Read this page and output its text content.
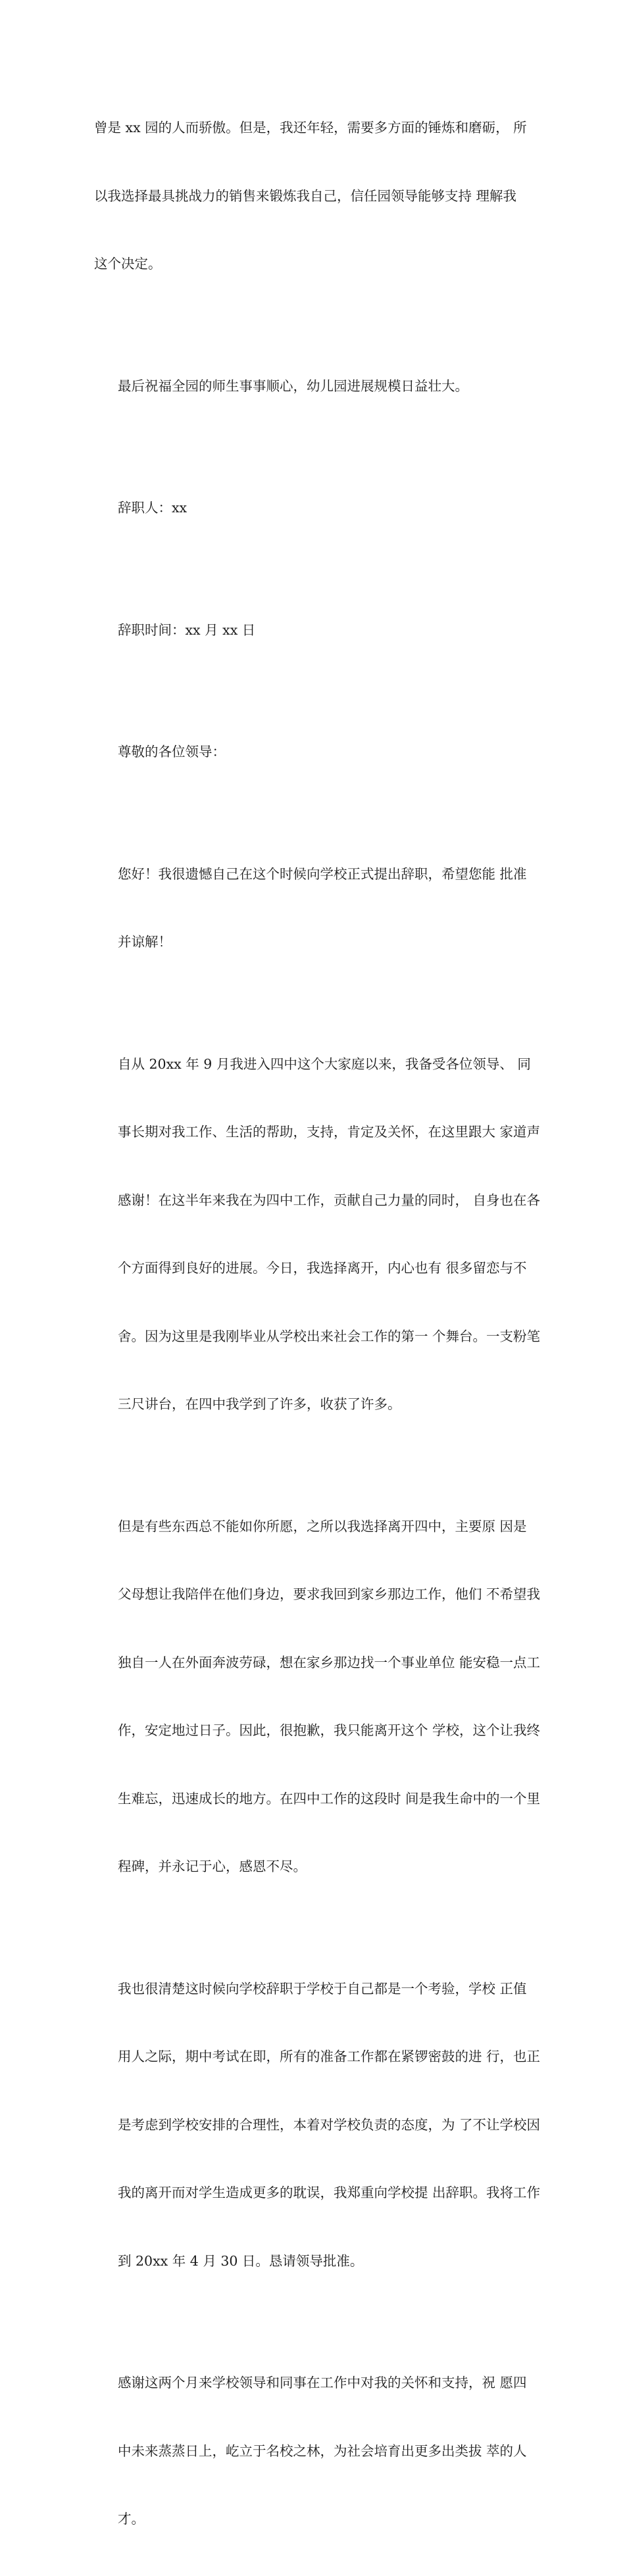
曾是 xx 园的人而骄傲。但是，我还年轻，需要多方面的锤炼和磨砺， 所

以我选择最具挑战力的销售来锻炼我自己，信任园领导能够支持 理解我

这个决定。

最后祝福全园的师生事事顺心，幼儿园进展规模日益壮大。

辞职人：xx

辞职时间：xx 月 xx 日

尊敬的各位领导：

您好！我很遗憾自己在这个时候向学校正式提出辞职，希望您能 批准

并谅解！

自从 20xx 年 9 月我进入四中这个大家庭以来，我备受各位领导、 同

事长期对我工作、生活的帮助，支持，肯定及关怀，在这里跟大 家道声

感谢！在这半年来我在为四中工作，贡献自己力量的同时， 自身也在各

个方面得到良好的进展。今日，我选择离开，内心也有 很多留恋与不

舍。因为这里是我刚毕业从学校出来社会工作的第一 个舞台。一支粉笔

三尺讲台，在四中我学到了许多，收获了许多。

但是有些东西总不能如你所愿，之所以我选择离开四中，主要原 因是

父母想让我陪伴在他们身边，要求我回到家乡那边工作，他们 不希望我

独自一人在外面奔波劳碌，想在家乡那边找一个事业单位 能安稳一点工

作，安定地过日子。因此，很抱歉，我只能离开这个 学校，这个让我终

生难忘，迅速成长的地方。在四中工作的这段时 间是我生命中的一个里

程碑，并永记于心，感恩不尽。

我也很清楚这时候向学校辞职于学校于自己都是一个考验，学校 正值

用人之际，期中考试在即，所有的准备工作都在紧锣密鼓的进 行，也正

是考虑到学校安排的合理性，本着对学校负责的态度，为 了不让学校因

我的离开而对学生造成更多的耽误，我郑重向学校提 出辞职。我将工作

到 20xx 年 4 月 30 日。恳请领导批准。

感谢这两个月来学校领导和同事在工作中对我的关怀和支持，祝 愿四

中未来蒸蒸日上，屹立于名校之林，为社会培育出更多出类拔 萃的人

才。
